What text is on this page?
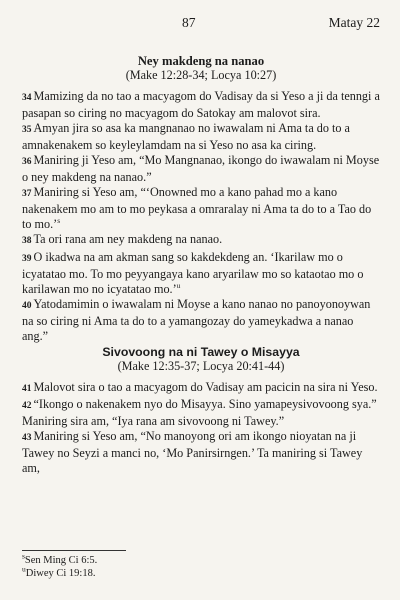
87	Matay 22

Ney makdeng na nanao

(Make 12:28-34; Locya 10:27)

34 Mamizing da no tao a macyagom do Vadisay da si Yeso a ji da tenngi a pasapan so ciring no macyagom do Satokay am malovot sira.

35 Amyan jira so asa ka mangnanao no iwawalam ni Ama ta do to a amnakenakem so keyleylamdam na si Yeso no asa ka ciring.

36 Maniring ji Yeso am, “Mo Mangnanao, ikongo do iwawalam ni Moyse o ney makdeng na nanao.”

37 Maniring si Yeso am, “‘Onowned mo a kano pahad mo a kano nakenakem mo am to mo peykasa a omraralay ni Ama ta do to a Tao do to mo.’$^s$

38 Ta ori rana am ney makdeng na nanao.

39 O ikadwa na am akman sang so kakdekdeng an. ‘Ikarilaw mo o icyatatao mo. To mo peyyangaya kano aryarilaw mo so kataotao mo o karilawan mo no icyatatao mo.’$^u$

40 Yatodamimin o iwawalam ni Moyse a kano nanao no panoyonoywan na so ciring ni Ama ta do to a yamangozay do yameykadwa a nanao ang.”

Sivovoong na ni Tawey o Misayya

(Make 12:35-37; Locya 20:41-44)

41 Malovot sira o tao a macyagom do Vadisay am pacicin na sira ni Yeso.

42 “Ikongo o nakenakem nyo do Misayya. Sino yamapeysivovoong sya.” Maniring sira am, “Iya rana am sivovoong ni Tawey.”

43 Maniring si Yeso am, “No manoyong ori am ikongo nioyatan na ji Tawey no Seyzi a manci no, ‘Mo Panirsirngen.’ Ta maniring si Tawey am,

$^s$Sen Ming Ci 6:5.

$^u$Diwey Ci 19:18.
